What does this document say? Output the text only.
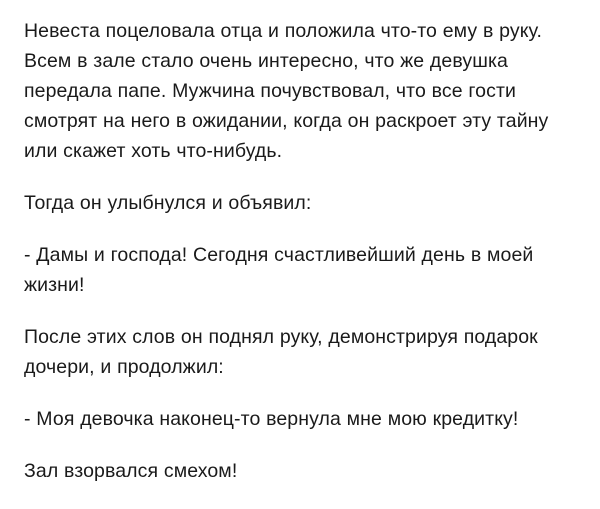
Невеста поцеловала отца и положила что-то ему в руку. Всем в зале стало очень интересно, что же девушка передала папе. Мужчина почувствовал, что все гости смотрят на него в ожидании, когда он раскроет эту тайну или скажет хоть что-нибудь.

Тогда он улыбнулся и объявил:

- Дамы и господа! Сегодня счастливейший день в моей жизни!

После этих слов он поднял руку, демонстрируя подарок дочери, и продолжил:

- Моя девочка наконец-то вернула мне мою кредитку!

Зал взорвался смехом!
